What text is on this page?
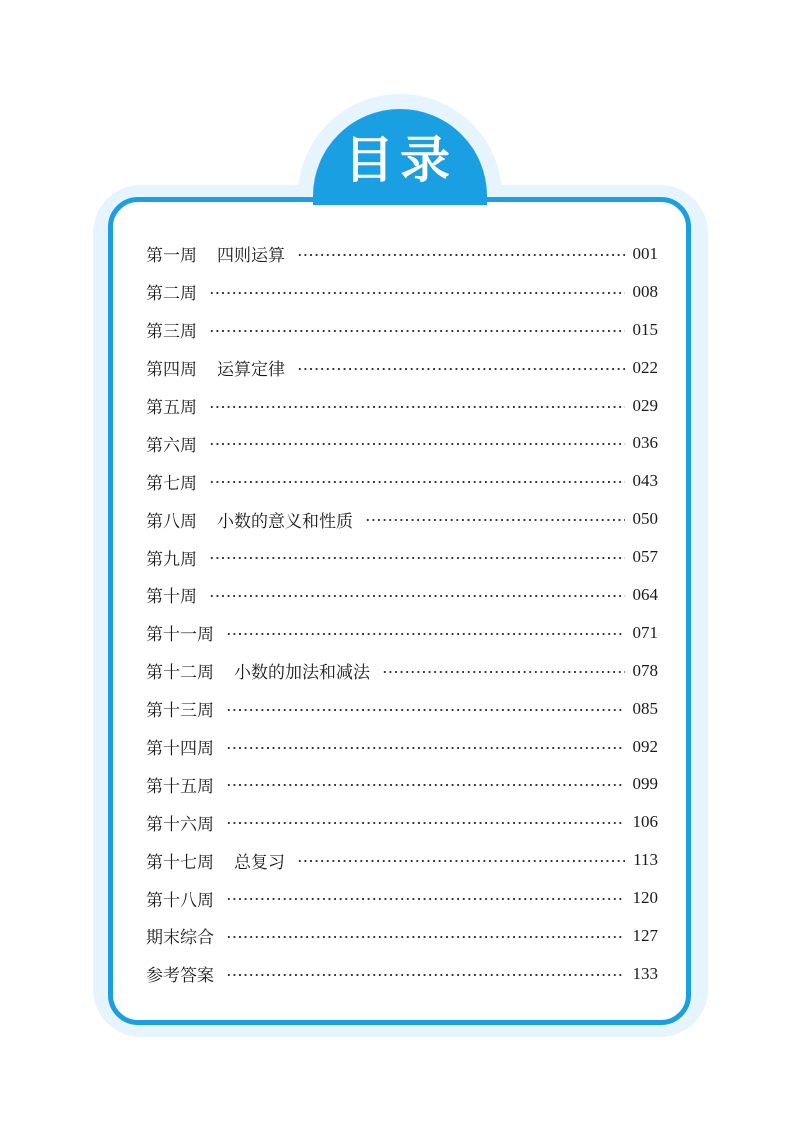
目录
第一周 四则运算	001
第二周	008
第三周	015
第四周 运算定律	022
第五周	029
第六周	036
第七周	043
第八周 小数的意义和性质	050
第九周	057
第十周	064
第十一周	071
第十二周 小数的加法和减法	078
第十三周	085
第十四周	092
第十五周	099
第十六周	106
第十七周 总复习	113
第十八周	120
期末综合	127
参考答案	133
